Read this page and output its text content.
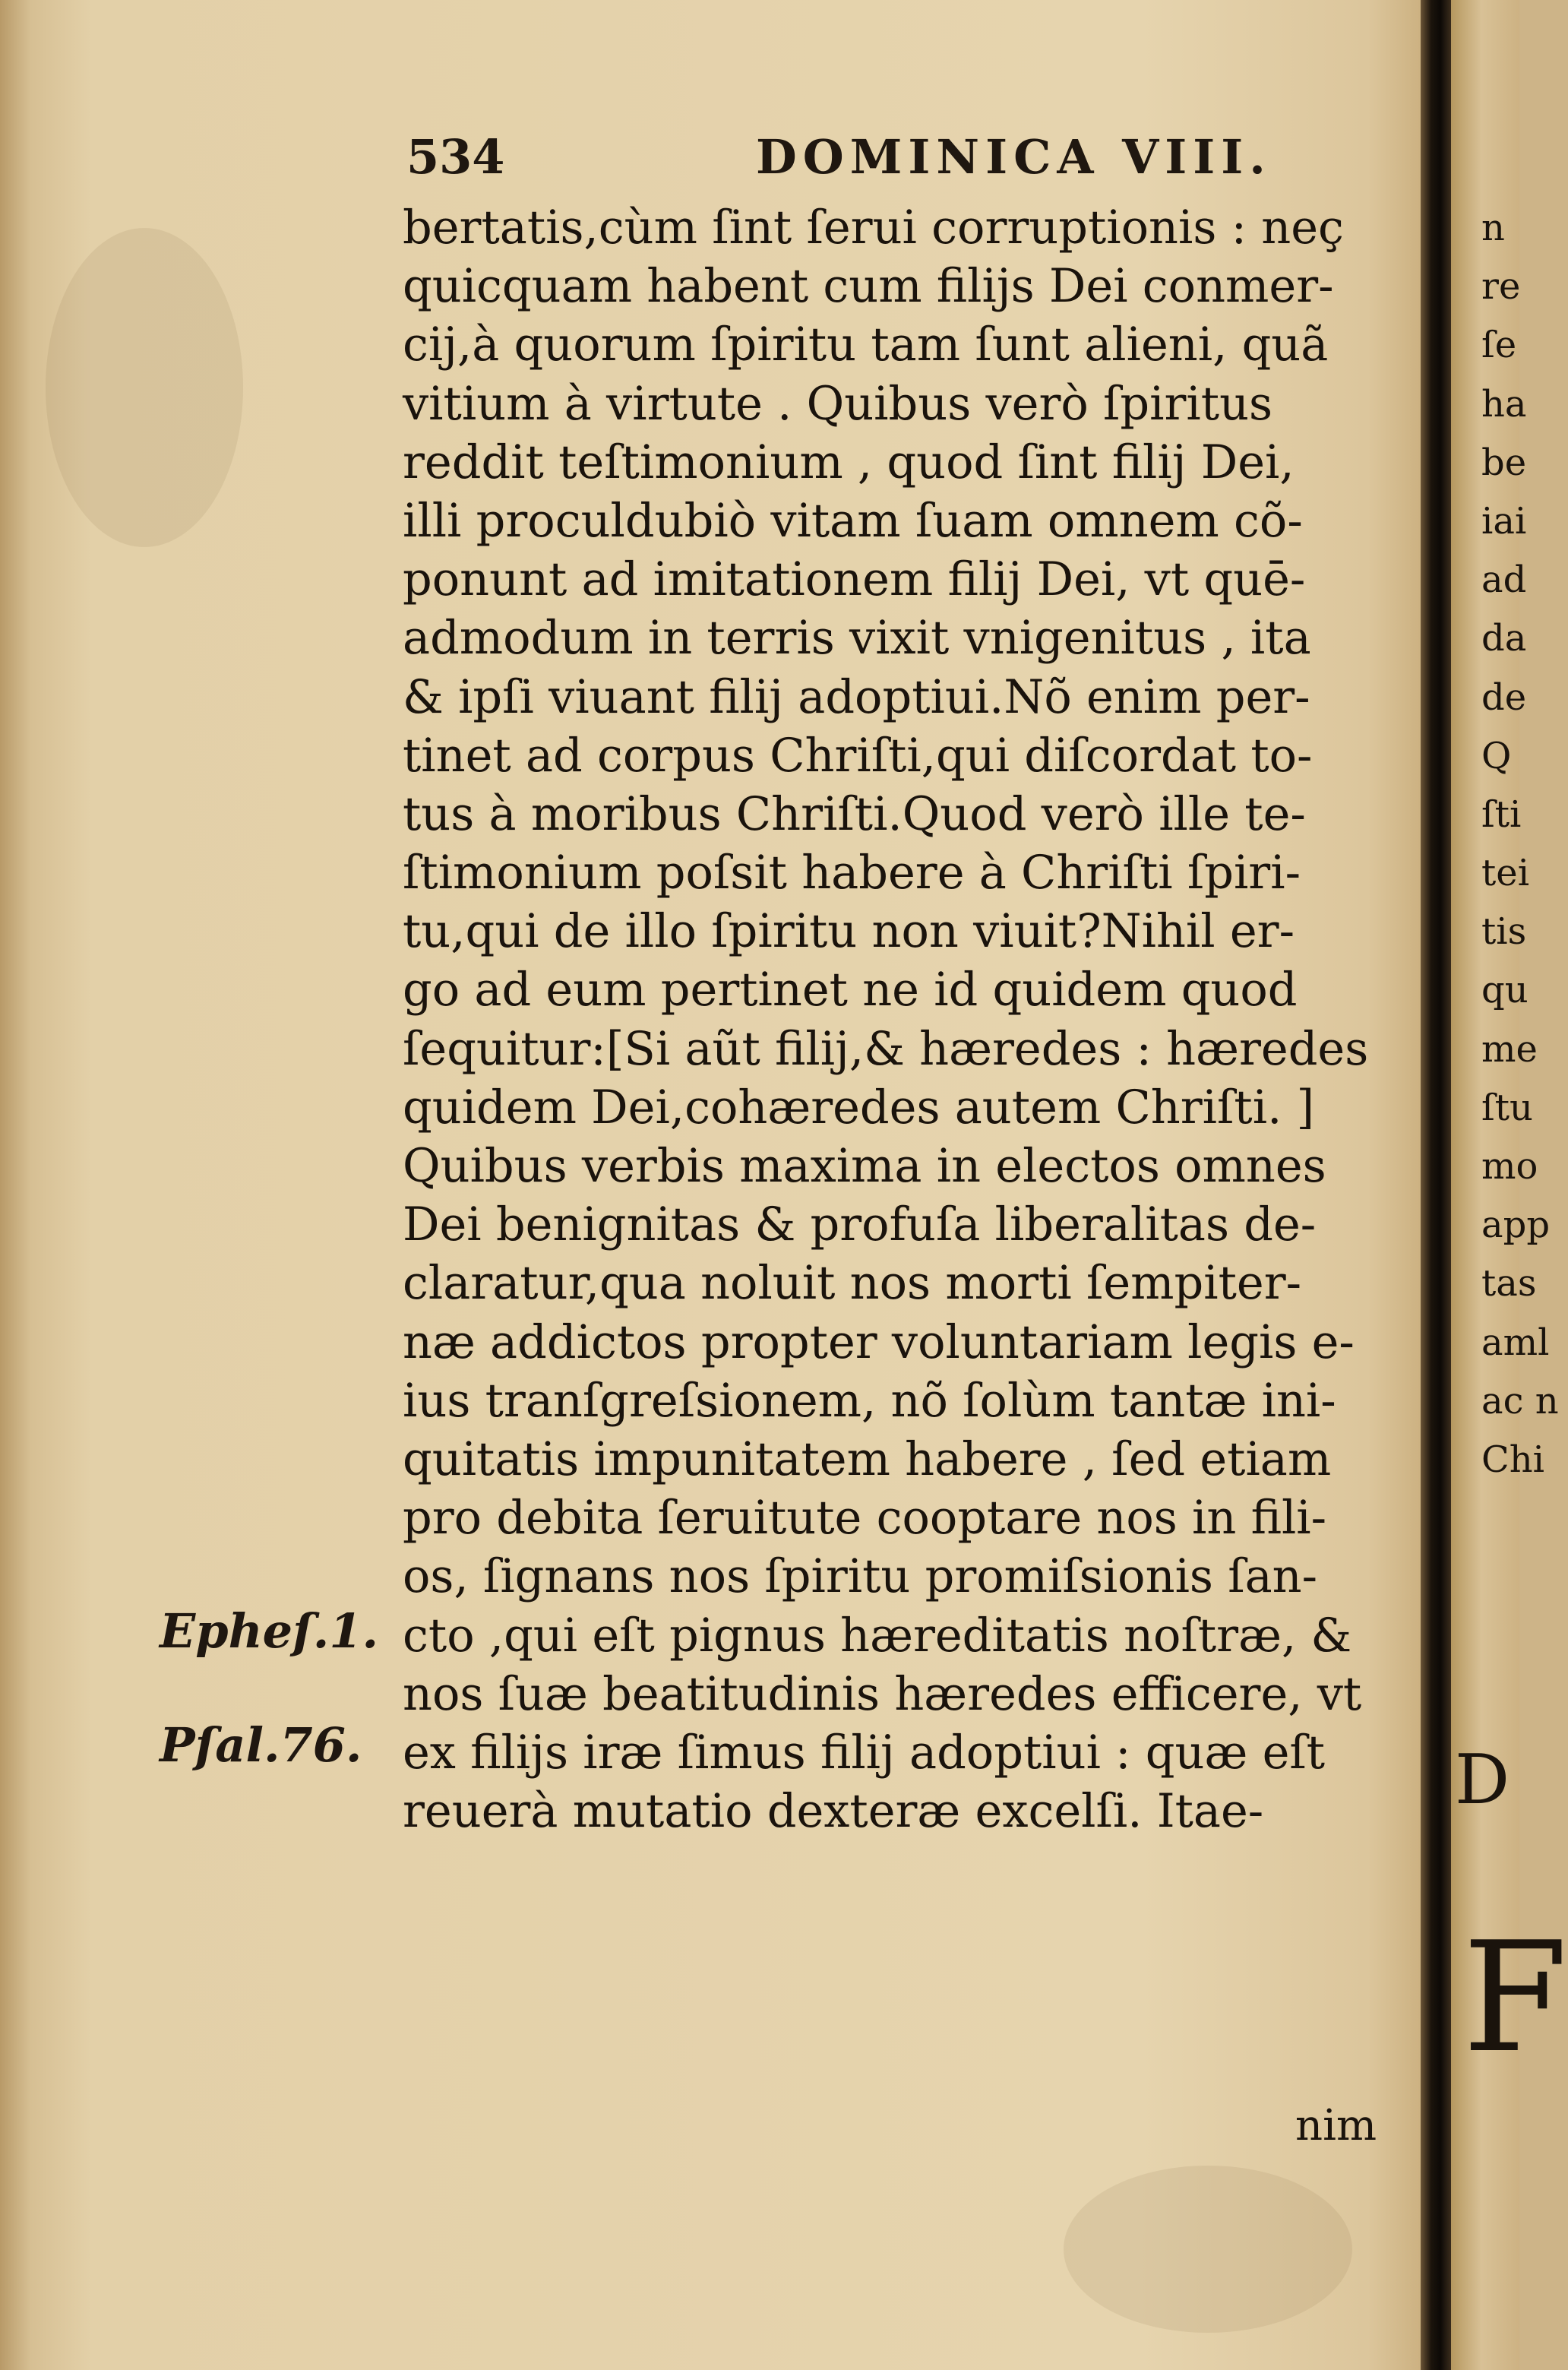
534	DOMINICA VIII.
bertatis,cùm ſint ſerui corruptionis : neç
quicquam habent cum filijs Dei conmer-
cij,à quorum ſpiritu tam ſunt alieni, quã
vitium à virtute . Quibus verò ſpiritus
reddit teſtimonium , quod ſint filij Dei,
illi proculdubiò vitam ſuam omnem cõ-
ponunt ad imitationem filij Dei, vt quē-
admodum in terris vixit vnigenitus , ita
& ipſi viuant filij adoptiui.Nõ enim per-
tinet ad corpus Chriſti,qui diſcordat to-
tus à moribus Chriſti.Quod verò ille te-
ſtimonium poſsit habere à Chriſti ſpiri-
tu,qui de illo ſpiritu non viuit?Nihil er-
go ad eum pertinet ne id quidem quod
ſequitur:[Si aũt filij,& hæredes : hæredes
quidem Dei,cohæredes autem Chriſti. ]
Quibus verbis maxima in electos omnes
Dei benignitas & profuſa liberalitas de-
claratur,qua noluit nos morti ſempiter-
næ addictos propter voluntariam legis e-
ius tranſgreſsionem, nõ ſolùm tantæ ini-
quitatis impunitatem habere , ſed etiam
pro debita ſeruitute cooptare nos in fili-
os, ſignans nos ſpiritu promiſsionis ſan-
cto ,qui eſt pignus hæreditatis noſtræ, &
nos ſuæ beatitudinis hæredes efficere, vt
ex filijs iræ ſimus filij adoptiui : quæ eſt
reuerà mutatio dexteræ excelſi. Itae-
nim
Epheſ.1.
Pſal.76.
n
re
ſe
ha
be
iai
ad
da
de
Q
ſti
tei
tis
qu
me
ſtu
mo
app
tas
aml
ac n
Chi
D
F
